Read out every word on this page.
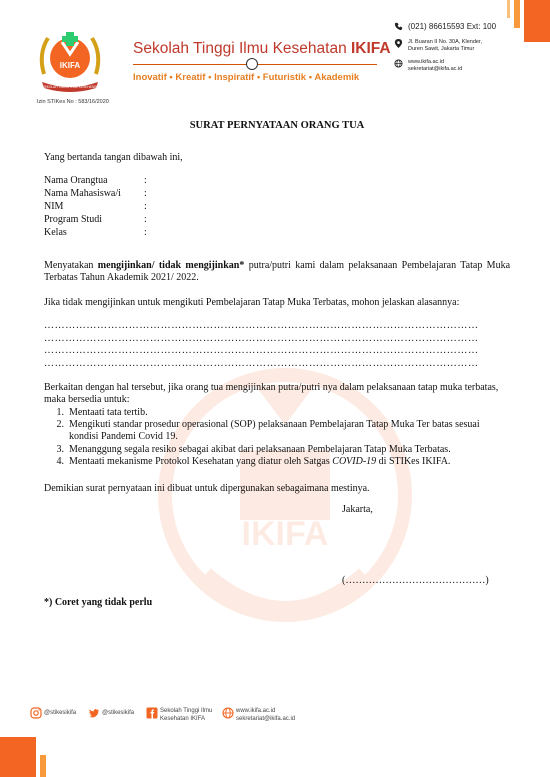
IKIFA
IKIFA
SEKOLAH TINGGI ILMU KESEHATAN
Izin STIKes No : 583/16/2020
Sekolah Tinggi Ilmu Kesehatan IKIFA
Inovatif • Kreatif • Inspiratif • Futuristik • Akademik
(021) 86615593 Ext: 100
Jl. Buaran II No. 30A, Klender,
Duren Sawit, Jakarta Timur
www.ikifa.ac.id
sekretariat@ikifa.ac.id
SURAT PERNYATAAN ORANG TUA
Yang bertanda tangan dibawah ini,
Nama Orangtua	:
Nama Mahasiswa/i	:
NIM	:
Program Studi	:
Kelas	:
Menyatakan mengijinkan/ tidak mengijinkan* putra/putri kami dalam pelaksanaan Pembelajaran Tatap Muka Terbatas Tahun Akademik 2021/ 2022.
Jika tidak mengijinkan untuk mengikuti Pembelajaran Tatap Muka Terbatas, mohon jelaskan alasannya:
……………………………………………………………………………………………………………
……………………………………………………………………………………………………………
……………………………………………………………………………………………………………
……………………………………………………………………………………………………………
Berkaitan dengan hal tersebut, jika orang tua mengijinkan putra/putri nya dalam pelaksanaan tatap muka terbatas, maka bersedia untuk:
1. Mentaati tata tertib.
2. Mengikuti standar prosedur operasional (SOP) pelaksanaan Pembelajaran Tatap Muka Ter batas sesuai kondisi Pandemi Covid 19.
3. Menanggung segala resiko sebagai akibat dari pelaksanaan Pembelajaran Tatap Muka Terbatas.
4. Mentaati mekanisme Protokol Kesehatan yang diatur oleh Satgas COVID-19 di STIKes IKIFA.
Demikian surat pernyataan ini dibuat untuk dipergunakan sebagaimana mestinya.
Jakarta,
(……………………………………)
*) Coret yang tidak perlu
@stikesikifa	@stikesikifa	Sekolah Tinggi Ilmu
Kesehatan IKIFA
www.ikifa.ac.id
sekretariat@ikifa.ac.id
